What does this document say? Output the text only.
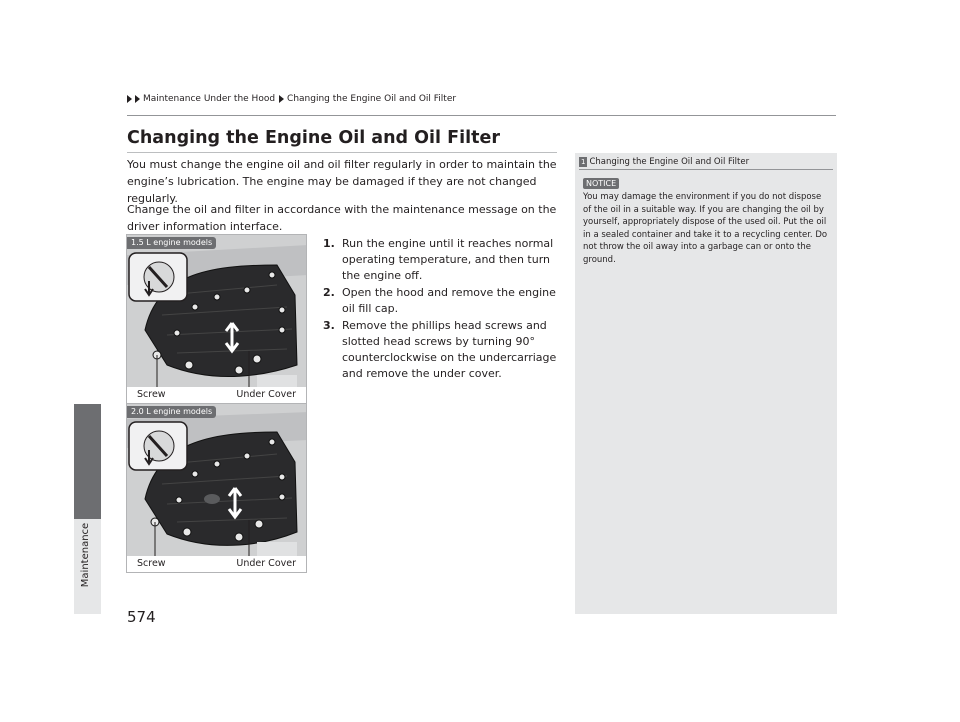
Maintenance
Maintenance Under the Hood Changing the Engine Oil and Oil Filter
Changing the Engine Oil and Oil Filter
You must change the engine oil and oil filter regularly in order to maintain the engine’s lubrication. The engine may be damaged if they are not changed regularly.
Change the oil and filter in accordance with the maintenance message on the driver information interface.
1. Run the engine until it reaches normal operating temperature, and then turn the engine off.
2. Open the hood and remove the engine oil fill cap.
3. Remove the phillips head screws and slotted head screws by turning 90° counterclockwise on the undercarriage and remove the under cover.
1.5 L engine models
Screw	Under Cover
2.0 L engine models
Screw	Under Cover
1 Changing the Engine Oil and Oil Filter
NOTICE
You may damage the environment if you do not dispose of the oil in a suitable way. If you are changing the oil by yourself, appropriately dispose of the used oil. Put the oil in a sealed container and take it to a recycling center. Do not throw the oil away into a garbage can or onto the ground.
574
